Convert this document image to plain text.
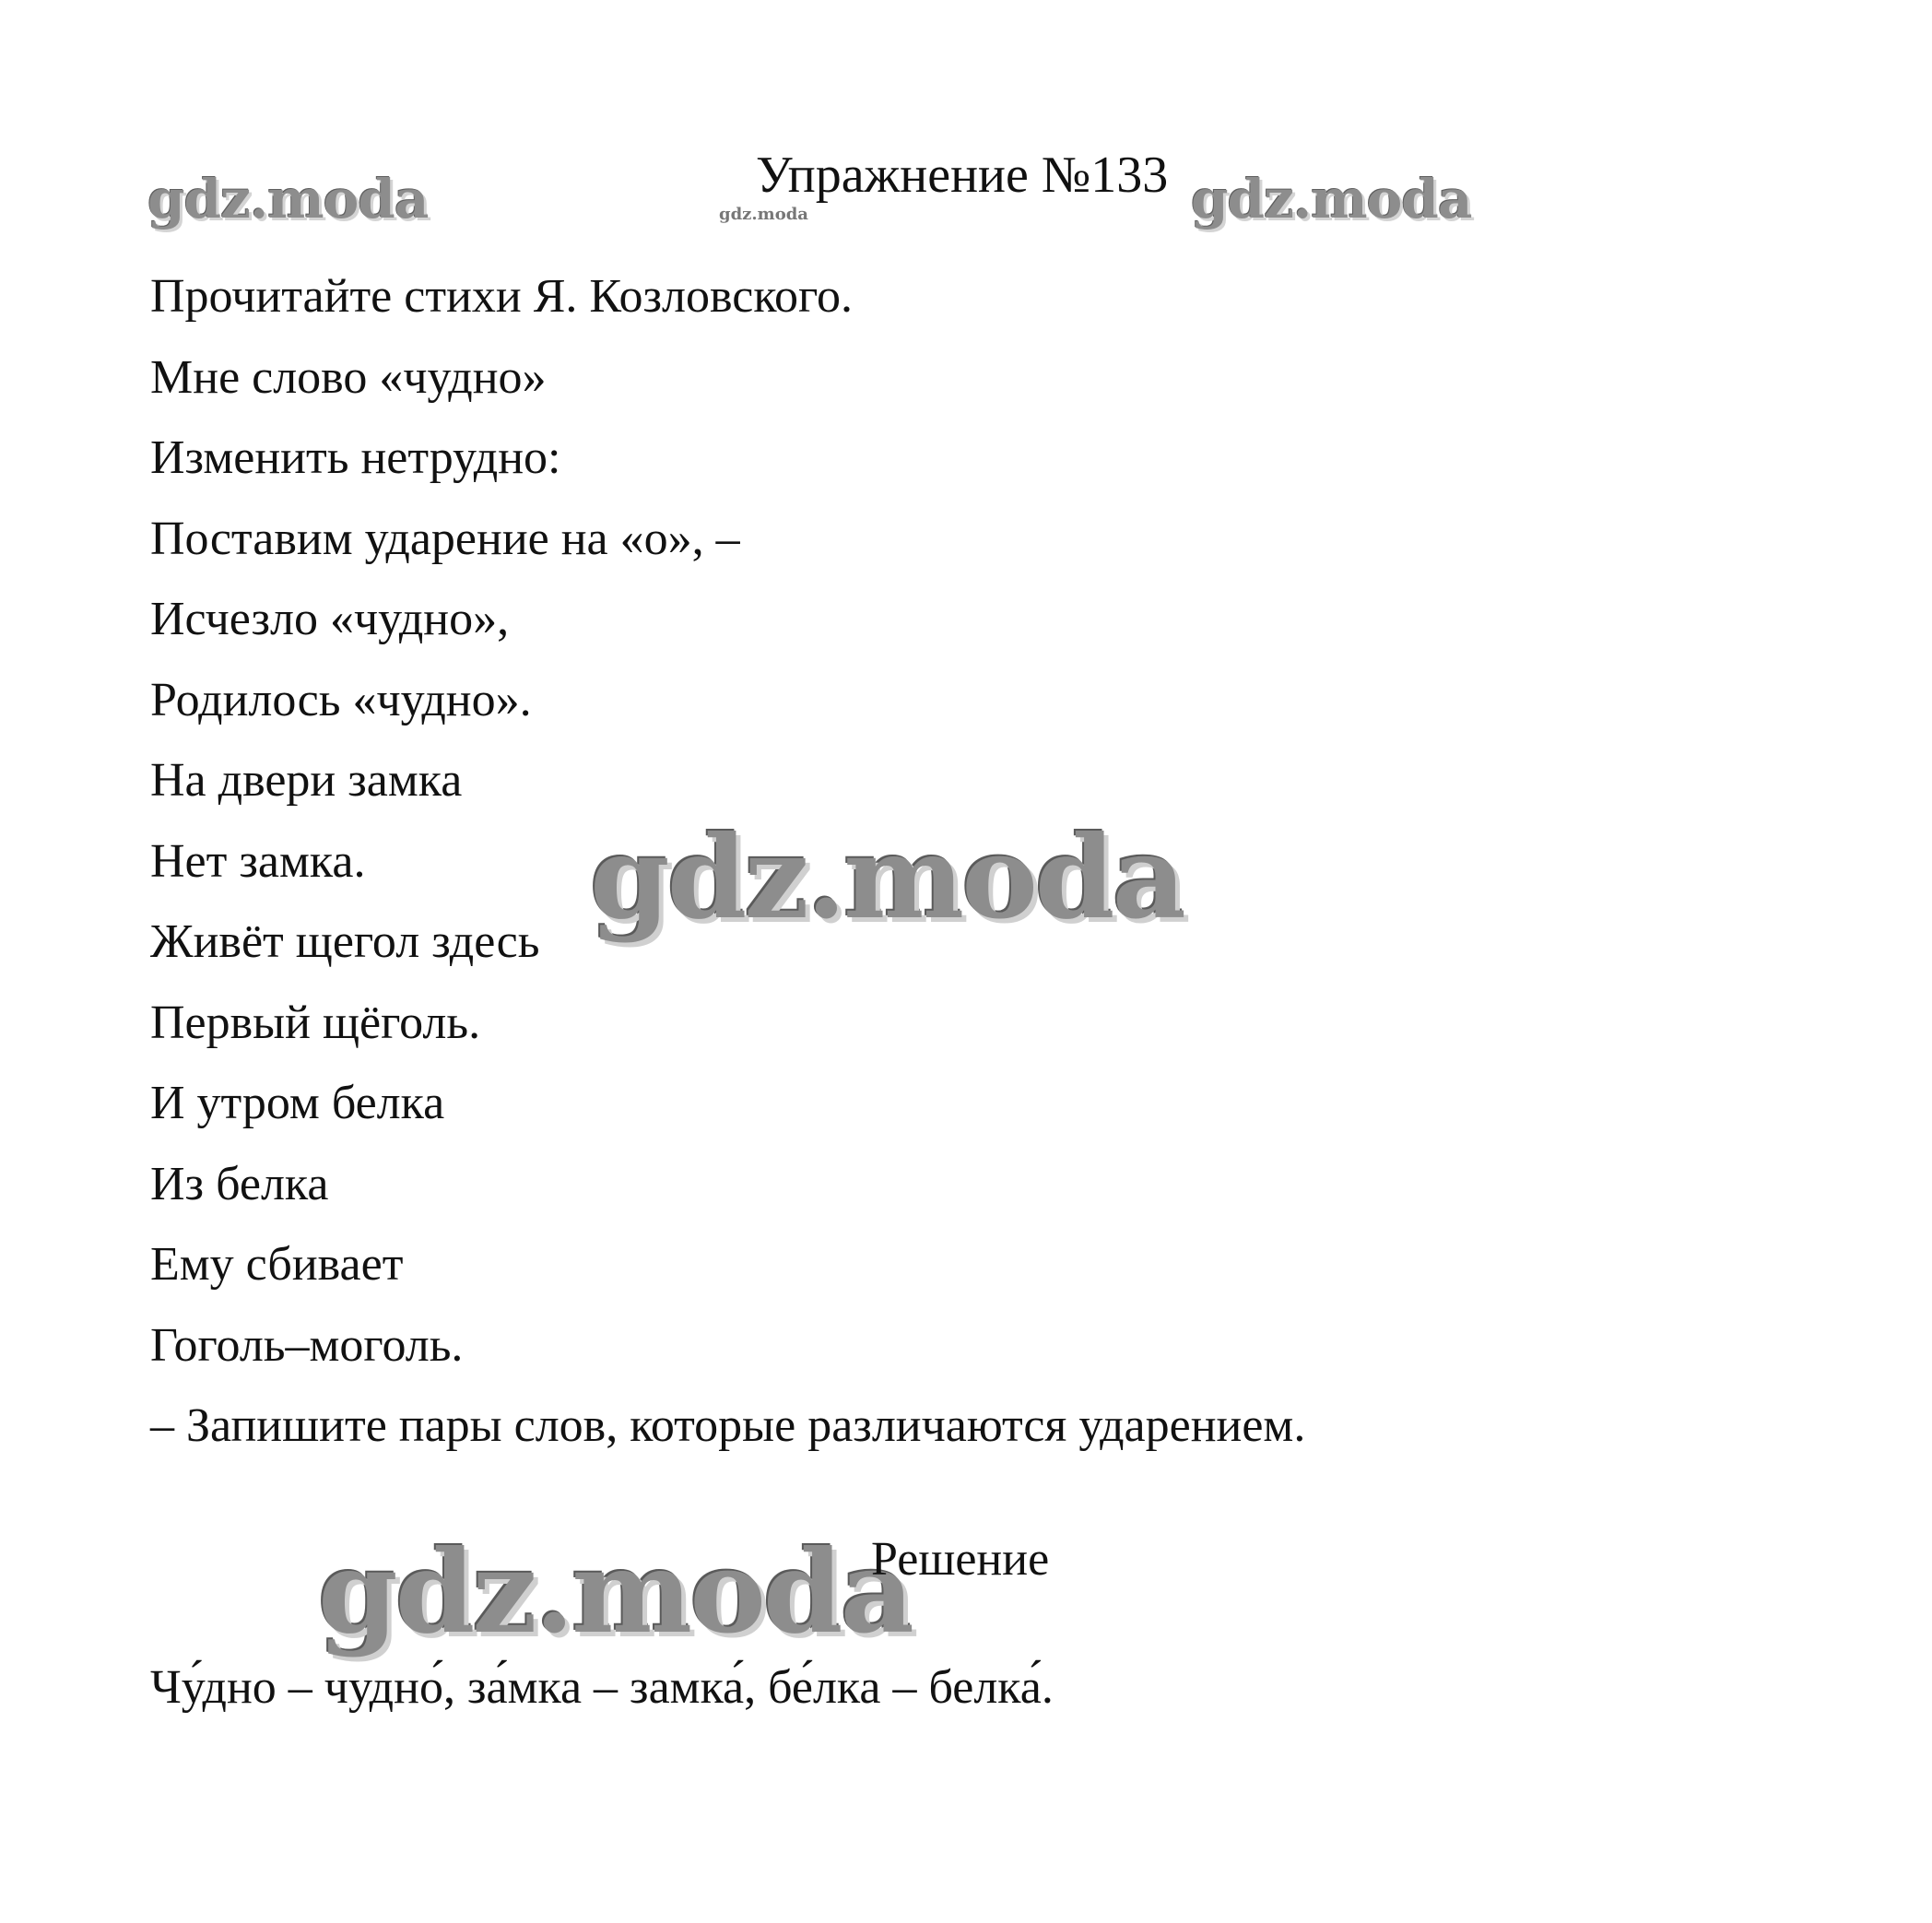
gdz.moda	gdz.moda	gdz.moda
gdz.moda
gdz.moda
Упражнение №133
Прочитайте стихи Я. Козловского.
Мне слово «чудно»
Изменить нетрудно:
Поставим ударение на «о», –
Исчезло «чудно»,
Родилось «чудно».
На двери замка
Нет замка.
Живёт щегол здесь
Первый щёголь.
И утром белка
Из белка
Ему сбивает
Гоголь–моголь.
– Запишите пары слов, которые различаются ударением.
Решение
Чу́дно – чудно́, за́мка – замка́, бе́лка – белка́.
